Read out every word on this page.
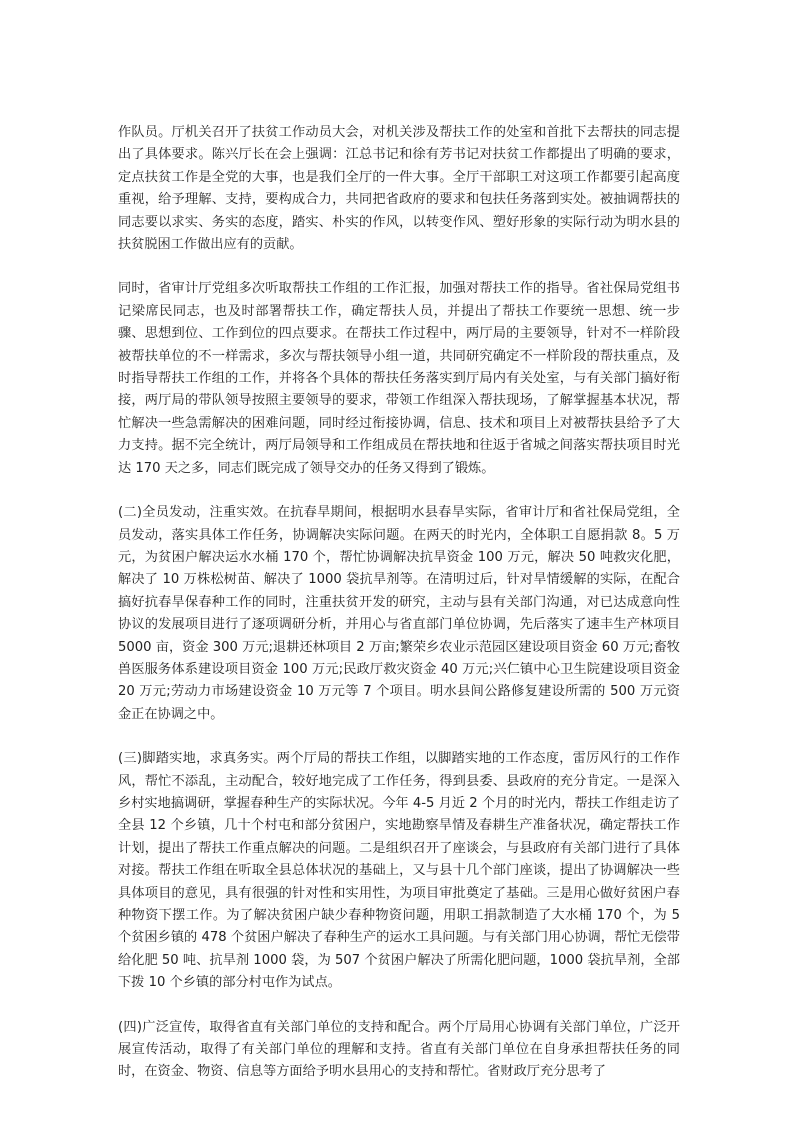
作队员。厅机关召开了扶贫工作动员大会，对机关涉及帮扶工作的处室和首批下去帮扶的同志提出了具体要求。陈兴厅长在会上强调：江总书记和徐有芳书记对扶贫工作都提出了明确的要求，定点扶贫工作是全党的大事，也是我们全厅的一件大事。全厅干部职工对这项工作都要引起高度重视，给予理解、支持，要构成合力，共同把省政府的要求和包扶任务落到实处。被抽调帮扶的同志要以求实、务实的态度，踏实、朴实的作风，以转变作风、塑好形象的实际行动为明水县的扶贫脱困工作做出应有的贡献。

同时，省审计厅党组多次听取帮扶工作组的工作汇报，加强对帮扶工作的指导。省社保局党组书记梁席民同志，也及时部署帮扶工作，确定帮扶人员，并提出了帮扶工作要统一思想、统一步骤、思想到位、工作到位的四点要求。在帮扶工作过程中，两厅局的主要领导，针对不一样阶段被帮扶单位的不一样需求，多次与帮扶领导小组一道，共同研究确定不一样阶段的帮扶重点，及时指导帮扶工作组的工作，并将各个具体的帮扶任务落实到厅局内有关处室，与有关部门搞好衔接，两厅局的带队领导按照主要领导的要求，带领工作组深入帮扶现场，了解掌握基本状况，帮忙解决一些急需解决的困难问题，同时经过衔接协调，信息、技术和项目上对被帮扶县给予了大力支持。据不完全统计，两厅局领导和工作组成员在帮扶地和往返于省城之间落实帮扶项目时光达 170 天之多，同志们既完成了领导交办的任务又得到了锻炼。

(二)全员发动，注重实效。在抗春旱期间，根据明水县春旱实际，省审计厅和省社保局党组，全员发动，落实具体工作任务，协调解决实际问题。在两天的时光内，全体职工自愿捐款 8。5 万元，为贫困户解决运水水桶 170 个，帮忙协调解决抗旱资金 100 万元，解决 50 吨救灾化肥，解决了 10 万株松树苗、解决了 1000 袋抗旱剂等。在清明过后，针对旱情缓解的实际，在配合搞好抗春旱保春种工作的同时，注重扶贫开发的研究，主动与县有关部门沟通，对已达成意向性协议的发展项目进行了逐项调研分析，并用心与省直部门单位协调，先后落实了速丰生产林项目 5000 亩，资金 300 万元;退耕还林项目 2 万亩;繁荣乡农业示范园区建设项目资金 60 万元;畜牧兽医服务体系建设项目资金 100 万元;民政厅救灾资金 40 万元;兴仁镇中心卫生院建设项目资金 20 万元;劳动力市场建设资金 10 万元等 7 个项目。明水县间公路修复建设所需的 500 万元资金正在协调之中。

(三)脚踏实地，求真务实。两个厅局的帮扶工作组，以脚踏实地的工作态度，雷厉风行的工作作风，帮忙不添乱，主动配合，较好地完成了工作任务，得到县委、县政府的充分肯定。一是深入乡村实地搞调研，掌握春种生产的实际状况。今年 4-5 月近 2 个月的时光内，帮扶工作组走访了全县 12 个乡镇，几十个村屯和部分贫困户，实地勘察旱情及春耕生产准备状况，确定帮扶工作计划，提出了帮扶工作重点解决的问题。二是组织召开了座谈会，与县政府有关部门进行了具体对接。帮扶工作组在听取全县总体状况的基础上，又与县十几个部门座谈，提出了协调解决一些具体项目的意见，具有很强的针对性和实用性，为项目审批奠定了基础。三是用心做好贫困户春种物资下摆工作。为了解决贫困户缺少春种物资问题，用职工捐款制造了大水桶 170 个，为 5 个贫困乡镇的 478 个贫困户解决了春种生产的运水工具问题。与有关部门用心协调，帮忙无偿带给化肥 50 吨、抗旱剂 1000 袋，为 507 个贫困户解决了所需化肥问题，1000 袋抗旱剂，全部下拨 10 个乡镇的部分村屯作为试点。

(四)广泛宣传，取得省直有关部门单位的支持和配合。两个厅局用心协调有关部门单位，广泛开展宣传活动，取得了有关部门单位的理解和支持。省直有关部门单位在自身承担帮扶任务的同时，在资金、物资、信息等方面给予明水县用心的支持和帮忙。省财政厅充分思考了
